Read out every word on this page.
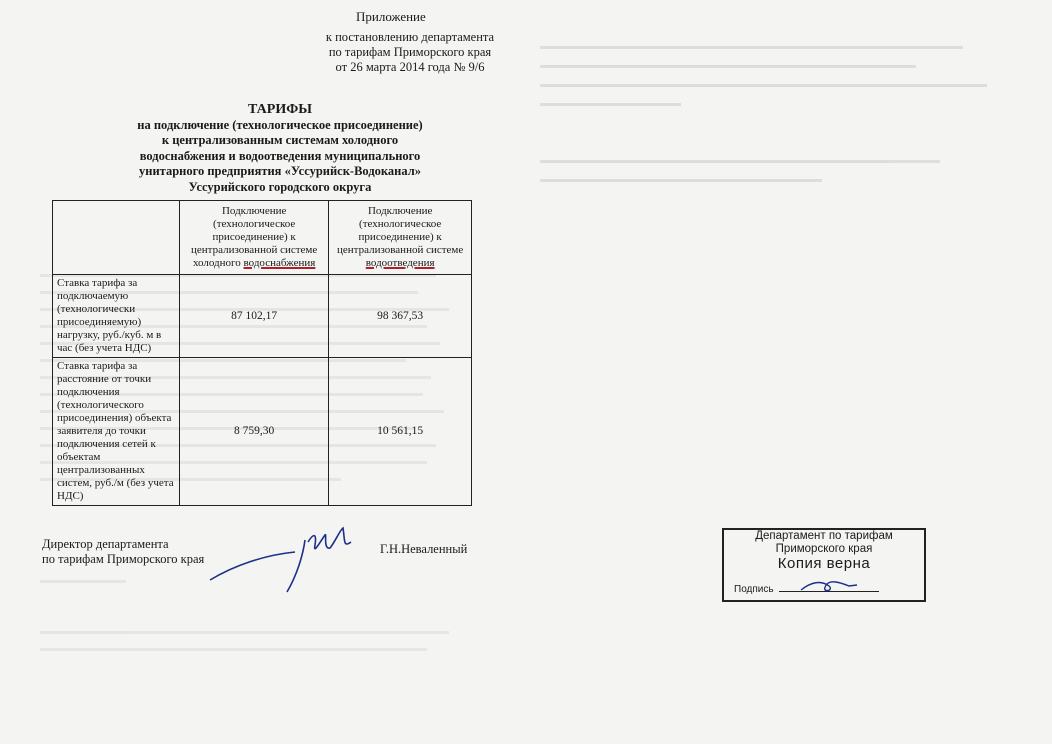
Приложение
к постановлению департамента
по тарифам Приморского края
от 26 марта 2014 года № 9/6
ТАРИФЫ
на подключение (технологическое присоединение)
к централизованным системам холодного
водоснабжения и водоотведения муниципального
унитарного предприятия «Уссурийск-Водоканал»
Уссурийского городского округа
	Подключение (технологическое присоединение) к централизованной системе холодного водоснабжения	Подключение (технологическое присоединение) к централизованной системе водоотведения
Ставка тарифа за подключаемую (технологически присоединяемую) нагрузку, руб./куб. м в час (без учета НДС)	87 102,17	98 367,53
Ставка тарифа за расстояние от точки подключения (технологического присоединения) объекта заявителя до точки подключения сетей к объектам централизованных систем, руб./м (без учета НДС)	8 759,30	10 561,15
Директор департамента
по тарифам Приморского края
Г.Н.Неваленный
Департамент по тарифам
Приморского края
Копия верна
Подпись
